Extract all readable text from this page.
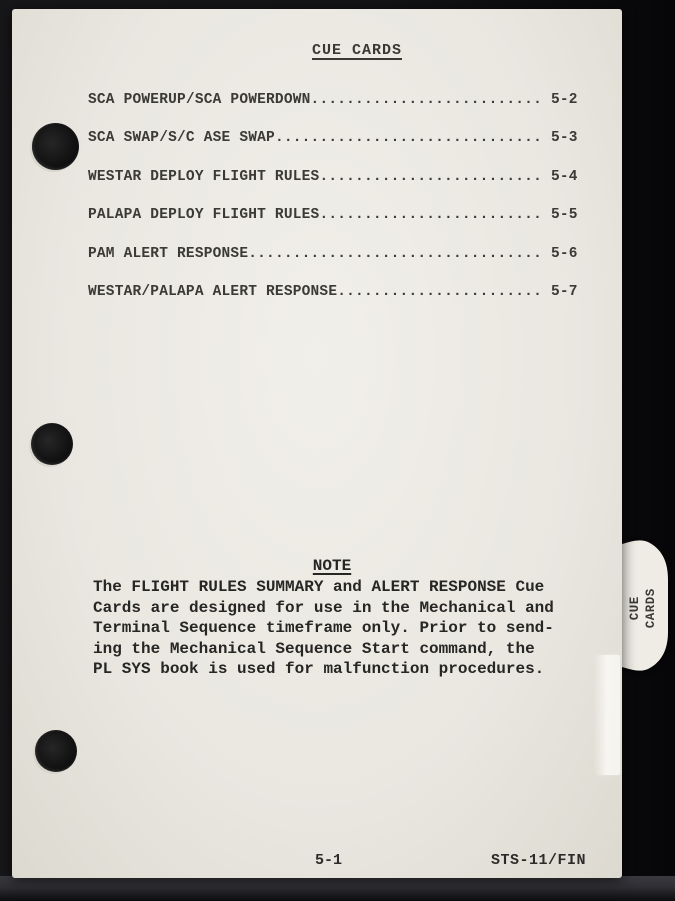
CUE CARDS
CUE CARDS
SCA POWERUP/SCA POWERDOWN.......................... 5-2
SCA SWAP/S/C ASE SWAP.............................. 5-3
WESTAR DEPLOY FLIGHT RULES......................... 5-4
PALAPA DEPLOY FLIGHT RULES......................... 5-5
PAM ALERT RESPONSE................................. 5-6
WESTAR/PALAPA ALERT RESPONSE....................... 5-7
NOTE
The FLIGHT RULES SUMMARY and ALERT RESPONSE Cue
Cards are designed for use in the Mechanical and
Terminal Sequence timeframe only. Prior to send-
ing the Mechanical Sequence Start command, the
PL SYS book is used for malfunction procedures.
5-1	STS-11/FIN
